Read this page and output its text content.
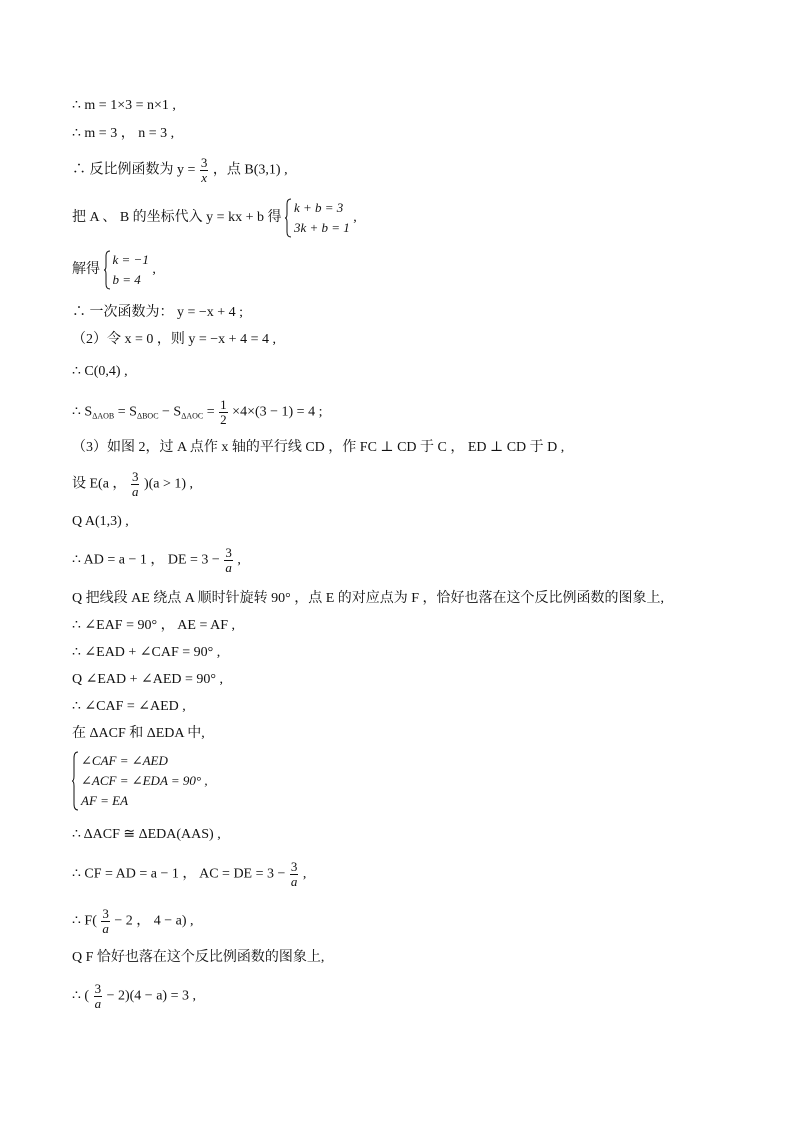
∴ m = 1×3 = n×1 ,
∴ m = 3 ， n = 3 ,
∴ 反比例函数为 $y = \frac{3}{x}$ ，点 B(3,1) ,
把 A 、 B 的坐标代入 y = kx + b 得
k + b = 3
3k + b = 1
,
解得
k = −1
b = 4
,
∴ 一次函数为： y = −x + 4 ;
（2）令 x = 0 ，则 y = −x + 4 = 4 ,
∴ C(0,4) ,
∴ $S_{\Delta AOB} = S_{\Delta BOC} - S_{\Delta AOC} = \frac{1}{2} \times 4\times(3 - 1) = 4$ ;
（3）如图 2，过 A 点作 x 轴的平行线 CD ，作 FC ⊥ CD 于 C ， ED ⊥ CD 于 D ,
设 E(a ， $\frac{3}{a} )(a > 1)$ ,
Q A(1,3) ,
∴ AD = a − 1 ， DE = $3 - \frac{3}{a}$ ,
Q 把线段 AE 绕点 A 顺时针旋转 90° ，点 E 的对应点为 F ，恰好也落在这个反比例函数的图象上,
∴ ∠EAF = 90° ， AE = AF ,
∴ ∠EAD + ∠CAF = 90° ,
Q ∠EAD + ∠AED = 90° ,
∴ ∠CAF = ∠AED ,
在 ΔACF 和 ΔEDA 中,
∠CAF = ∠AED
∠ACF = ∠EDA = 90° ,
AF = EA
∴ ΔACF ≅ ΔEDA(AAS) ,
∴ CF = AD = a − 1 ， AC = DE = $3 - \frac{3}{a}$ ,
∴ $F( \frac{3}{a} - 2$ ， 4 − a) ,
Q F 恰好也落在这个反比例函数的图象上,
∴ ( $\frac{3}{a} - 2)(4 - a) = 3$ ,
